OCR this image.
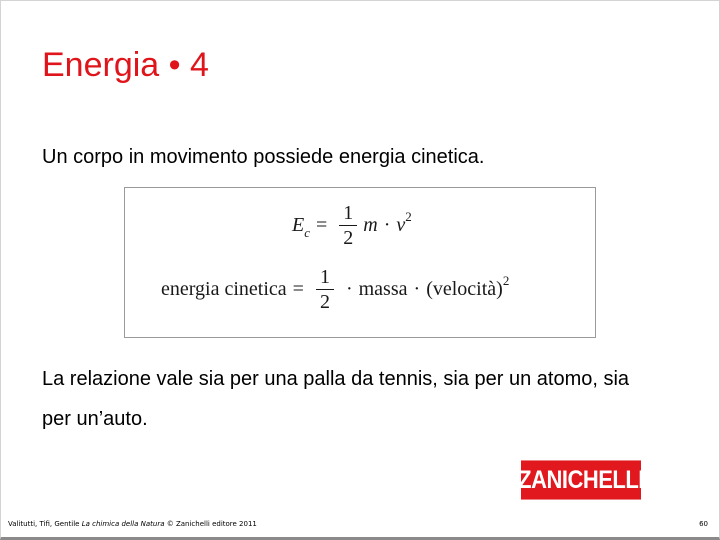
Energia • 4

Un corpo in movimento possiede energia cinetica.

E $c = \frac{1}{2}$ m · v 2
energia cinetica = $\frac{1}{2}$ · massa · (velocità) 2

La relazione vale sia per una palla da tennis, sia per un atomo, sia per un’auto.

ZANICHELLI
Valitutti, Tifi, Gentile La chimica della Natura © Zanichelli editore 2011	60
